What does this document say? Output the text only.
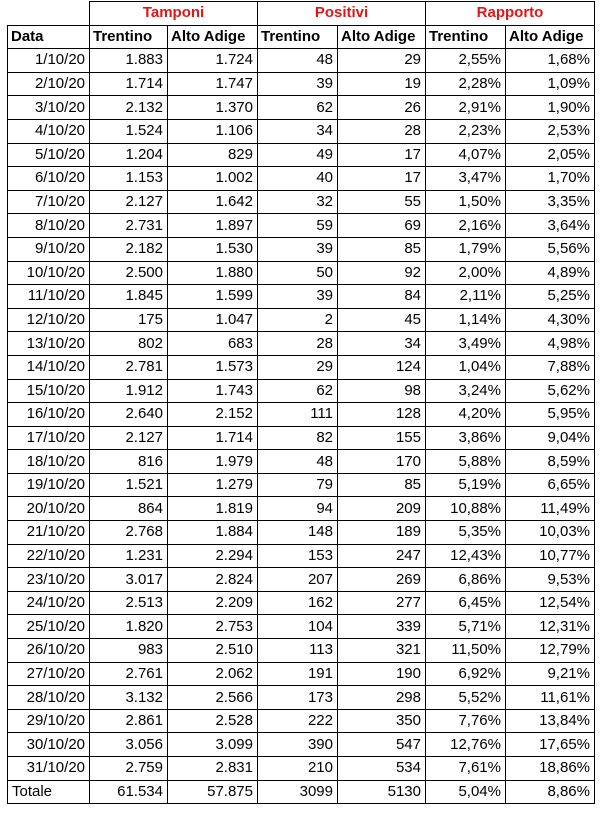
	Tamponi		Positivi		Rapporto	
Data	Trentino	Alto Adige	Trentino	Alto Adige	Trentino	Alto Adige
1/10/20	1.883	1.724	48	29	2,55%	1,68%
2/10/20	1.714	1.747	39	19	2,28%	1,09%
3/10/20	2.132	1.370	62	26	2,91%	1,90%
4/10/20	1.524	1.106	34	28	2,23%	2,53%
5/10/20	1.204	829	49	17	4,07%	2,05%
6/10/20	1.153	1.002	40	17	3,47%	1,70%
7/10/20	2.127	1.642	32	55	1,50%	3,35%
8/10/20	2.731	1.897	59	69	2,16%	3,64%
9/10/20	2.182	1.530	39	85	1,79%	5,56%
10/10/20	2.500	1.880	50	92	2,00%	4,89%
11/10/20	1.845	1.599	39	84	2,11%	5,25%
12/10/20	175	1.047	2	45	1,14%	4,30%
13/10/20	802	683	28	34	3,49%	4,98%
14/10/20	2.781	1.573	29	124	1,04%	7,88%
15/10/20	1.912	1.743	62	98	3,24%	5,62%
16/10/20	2.640	2.152	111	128	4,20%	5,95%
17/10/20	2.127	1.714	82	155	3,86%	9,04%
18/10/20	816	1.979	48	170	5,88%	8,59%
19/10/20	1.521	1.279	79	85	5,19%	6,65%
20/10/20	864	1.819	94	209	10,88%	11,49%
21/10/20	2.768	1.884	148	189	5,35%	10,03%
22/10/20	1.231	2.294	153	247	12,43%	10,77%
23/10/20	3.017	2.824	207	269	6,86%	9,53%
24/10/20	2.513	2.209	162	277	6,45%	12,54%
25/10/20	1.820	2.753	104	339	5,71%	12,31%
26/10/20	983	2.510	113	321	11,50%	12,79%
27/10/20	2.761	2.062	191	190	6,92%	9,21%
28/10/20	3.132	2.566	173	298	5,52%	11,61%
29/10/20	2.861	2.528	222	350	7,76%	13,84%
30/10/20	3.056	3.099	390	547	12,76%	17,65%
31/10/20	2.759	2.831	210	534	7,61%	18,86%
Totale	61.534	57.875	3099	5130	5,04%	8,86%
